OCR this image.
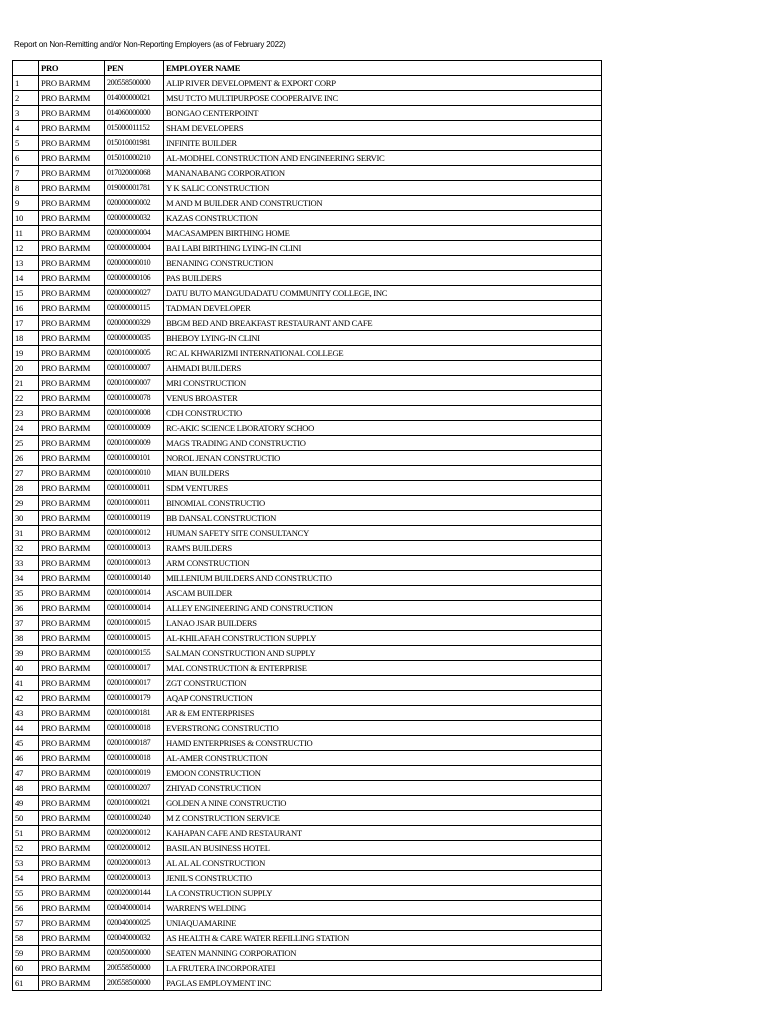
Report on Non-Remitting and/or Non-Reporting Employers (as of February 2022)
	PRO	PEN	EMPLOYER NAME
1	PRO BARMM	200558500000	ALIP RIVER DEVELOPMENT & EXPORT CORP
2	PRO BARMM	014000000021	MSU TCTO MULTIPURPOSE COOPERAIVE INC
3	PRO BARMM	014060000000	BONGAO CENTERPOINT
4	PRO BARMM	015000011152	SHAM DEVELOPERS
5	PRO BARMM	015010001981	INFINITE BUILDER
6	PRO BARMM	015010000210	AL-MODHEL CONSTRUCTION AND ENGINEERING SERVIC
7	PRO BARMM	017020000068	MANANABANG CORPORATION
8	PRO BARMM	019000001781	Y K SALIC CONSTRUCTION
9	PRO BARMM	020000000002	M AND M BUILDER AND CONSTRUCTION
10	PRO BARMM	020000000032	KAZAS CONSTRUCTION
11	PRO BARMM	020000000004	MACASAMPEN BIRTHING HOME
12	PRO BARMM	020000000004	BAI LABI BIRTHING LYING-IN CLINI
13	PRO BARMM	020000000010	BENANING CONSTRUCTION
14	PRO BARMM	020000000106	PAS BUILDERS
15	PRO BARMM	020000000027	DATU BUTO MANGUDADATU COMMUNITY COLLEGE, INC
16	PRO BARMM	020000000115	TADMAN DEVELOPER
17	PRO BARMM	020000000329	BBGM BED AND BREAKFAST RESTAURANT AND CAFE
18	PRO BARMM	020000000035	BHEBOY LYING-IN CLINI
19	PRO BARMM	020010000005	RC AL KHWARIZMI INTERNATIONAL COLLEGE
20	PRO BARMM	020010000007	AHMADI BUILDERS
21	PRO BARMM	020010000007	MRI CONSTRUCTION
22	PRO BARMM	020010000078	VENUS BROASTER
23	PRO BARMM	020010000008	CDH CONSTRUCTIO
24	PRO BARMM	020010000009	RC-AKIC SCIENCE LBORATORY SCHOO
25	PRO BARMM	020010000009	MAGS TRADING AND CONSTRUCTIO
26	PRO BARMM	020010000101	NOROL JENAN CONSTRUCTIO
27	PRO BARMM	020010000010	MIAN BUILDERS
28	PRO BARMM	020010000011	SDM VENTURES
29	PRO BARMM	020010000011	BINOMIAL CONSTRUCTIO
30	PRO BARMM	020010000119	BB DANSAL CONSTRUCTION
31	PRO BARMM	020010000012	HUMAN SAFETY SITE CONSULTANCY
32	PRO BARMM	020010000013	RAM'S BUILDERS
33	PRO BARMM	020010000013	ARM CONSTRUCTION
34	PRO BARMM	020010000140	MILLENIUM BUILDERS AND CONSTRUCTIO
35	PRO BARMM	020010000014	ASCAM BUILDER
36	PRO BARMM	020010000014	ALLEY ENGINEERING AND CONSTRUCTION
37	PRO BARMM	020010000015	LANAO JSAR BUILDERS
38	PRO BARMM	020010000015	AL-KHILAFAH CONSTRUCTION SUPPLY
39	PRO BARMM	020010000155	SALMAN CONSTRUCTION AND SUPPLY
40	PRO BARMM	020010000017	MAL CONSTRUCTION & ENTERPRISE
41	PRO BARMM	020010000017	ZGT CONSTRUCTION
42	PRO BARMM	020010000179	AQAP CONSTRUCTION
43	PRO BARMM	020010000181	AR & EM ENTERPRISES
44	PRO BARMM	020010000018	EVERSTRONG CONSTRUCTIO
45	PRO BARMM	020010000187	HAMD ENTERPRISES & CONSTRUCTIO
46	PRO BARMM	020010000018	AL-AMER CONSTRUCTION
47	PRO BARMM	020010000019	EMOON CONSTRUCTION
48	PRO BARMM	020010000207	ZHIYAD CONSTRUCTION
49	PRO BARMM	020010000021	GOLDEN A NINE CONSTRUCTIO
50	PRO BARMM	020010000240	M Z CONSTRUCTION SERVICE
51	PRO BARMM	020020000012	KAHAPAN CAFE AND RESTAURANT
52	PRO BARMM	020020000012	BASILAN BUSINESS HOTEL
53	PRO BARMM	020020000013	AL AL AL CONSTRUCTION
54	PRO BARMM	020020000013	JENIL'S CONSTRUCTIO
55	PRO BARMM	020020000144	LA CONSTRUCTION SUPPLY
56	PRO BARMM	020040000014	WARREN'S WELDING
57	PRO BARMM	020040000025	UNIAQUAMARINE
58	PRO BARMM	020040000032	AS HEALTH & CARE WATER REFILLING STATION
59	PRO BARMM	020050000000	SEATEN MANNING CORPORATION
60	PRO BARMM	200558500000	LA FRUTERA INCORPORATEI
61	PRO BARMM	200558500000	PAGLAS EMPLOYMENT INC
